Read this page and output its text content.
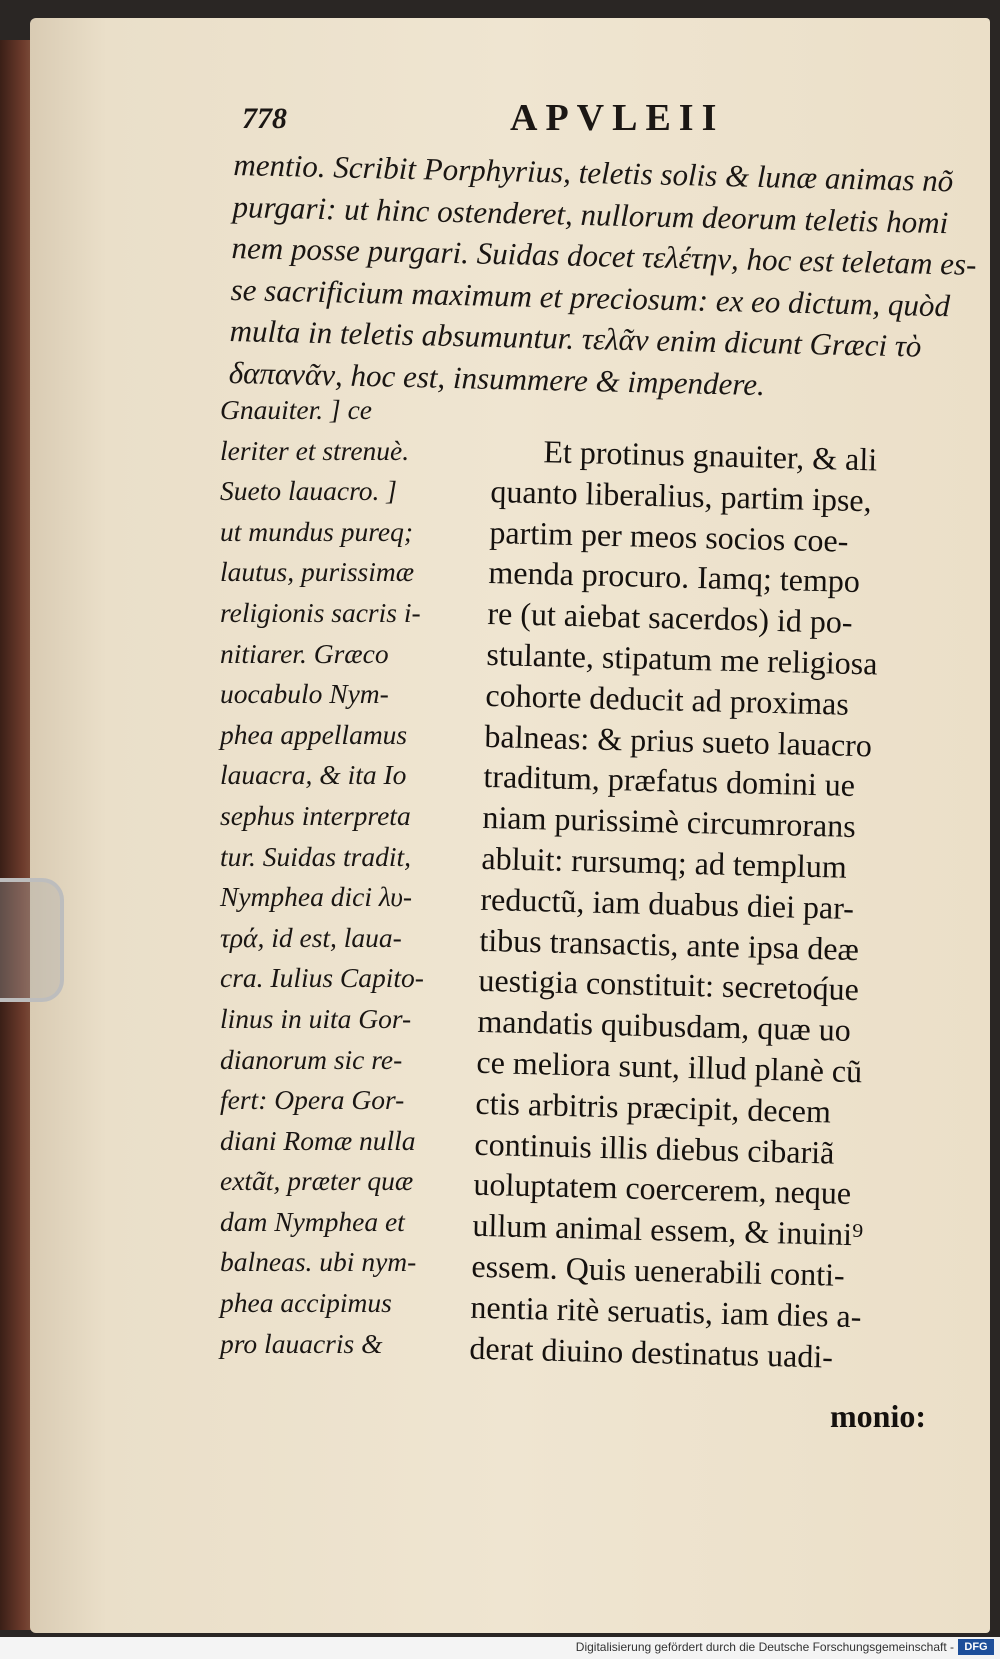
778	APVLEII
mentio. Scribit Porphyrius, teletis solis & lunæ animas nõ
purgari: ut hinc ostenderet, nullorum deorum teletis homi
nem posse purgari. Suidas docet τελέτην, hoc est teletam es-
se sacrificium maximum et preciosum: ex eo dictum, quòd
multa in teletis absumuntur. τελᾶν enim dicunt Græci τὸ
δαπανᾶν, hoc est, insummere & impendere.
Gnauiter. ] ce
leriter et strenuè.
Sueto lauacro. ]
ut mundus pureq;
lautus, purissimæ
religionis sacris i-
nitiarer. Græco
uocabulo Nym-
phea appellamus
lauacra, & ita Io
sephus interpreta
tur. Suidas tradit,
Nymphea dici λυ-
τρά, id est, laua-
cra. Iulius Capito-
linus in uita Gor-
dianorum sic re-
fert: Opera Gor-
diani Romæ nulla
extãt, præter quæ
dam Nymphea et
balneas. ubi nym-
phea accipimus
pro lauacris &
Et protinus gnauiter, & ali
quanto liberalius, partim ipse,
partim per meos socios coe-
menda procuro. Iamq; tempo
re (ut aiebat sacerdos) id po-
stulante, stipatum me religiosa
cohorte deducit ad proximas
balneas: & prius sueto lauacro
traditum, præfatus domini ue
niam purissimè circumrorans
abluit: rursumq; ad templum
reductũ, iam duabus diei par-
tibus transactis, ante ipsa deæ
uestigia constituit: secretoq́ue
mandatis quibusdam, quæ uo
ce meliora sunt, illud planè cũ
ctis arbitris præcipit, decem
continuis illis diebus cibariã
uoluptatem coercerem, neque
ullum animal essem, & inuini⁹
essem. Quis uenerabili conti-
nentia ritè seruatis, iam dies a-
derat diuino destinatus uadi-
monio:
Digitalisierung gefördert durch die Deutsche Forschungsgemeinschaft - DFG
